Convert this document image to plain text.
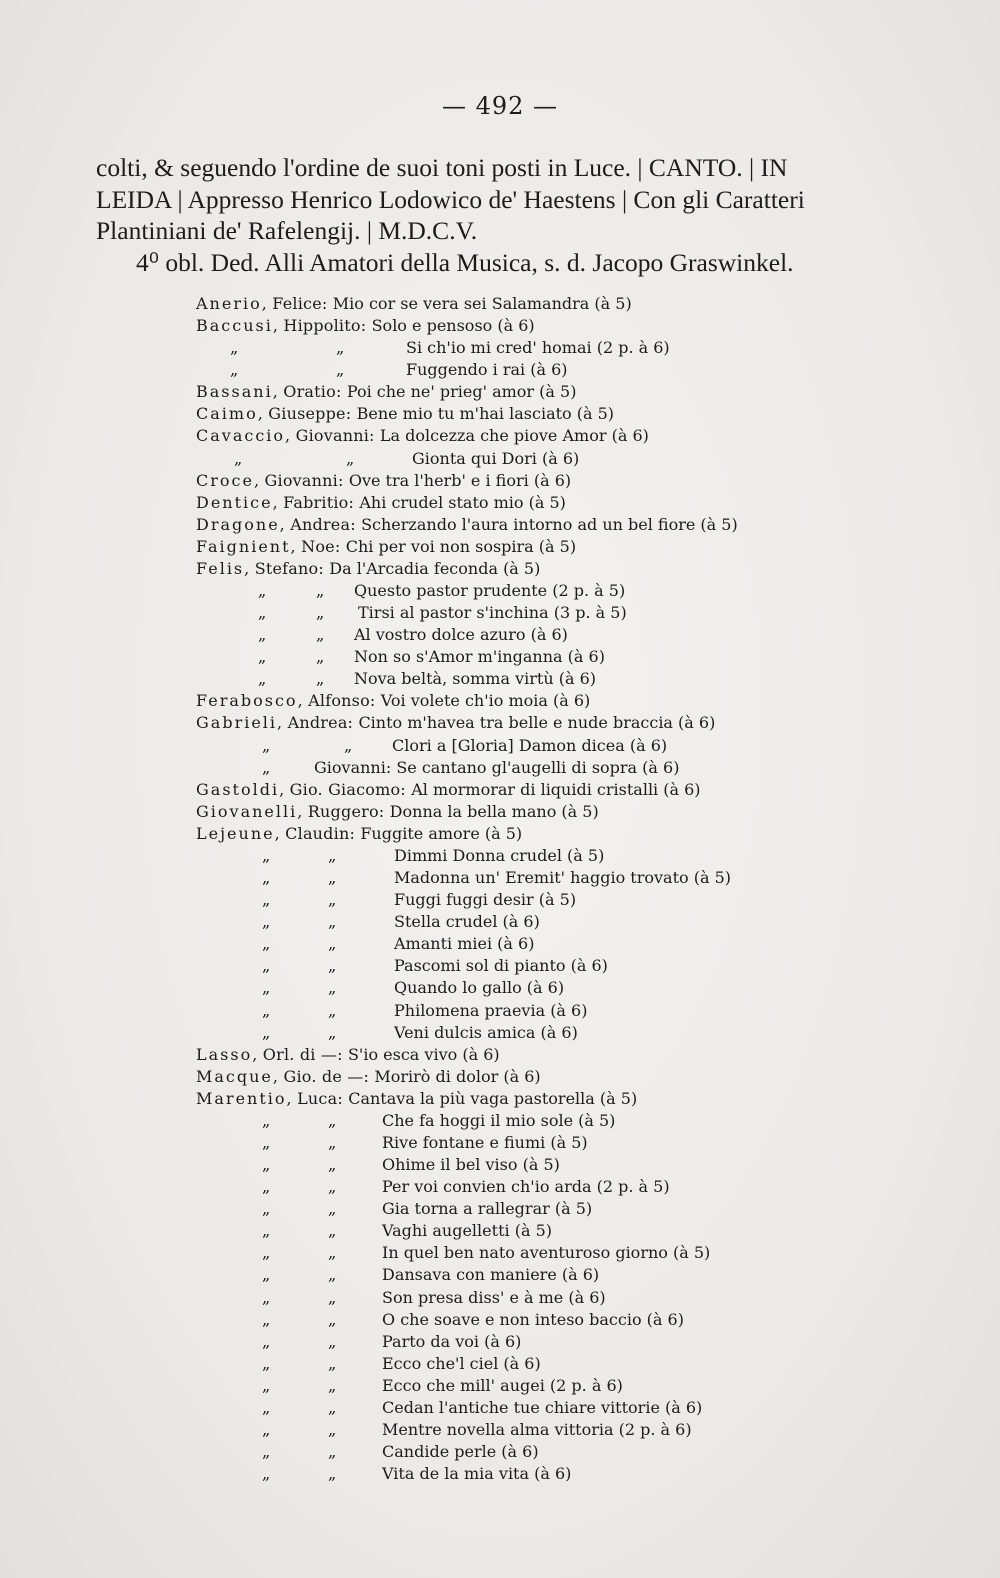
— 492 —
colti, & seguendo l'ordine de suoi toni posti in Luce. | CANTO. | IN
LEIDA | Appresso Henrico Lodowico de' Haestens | Con gli Caratteri
Plantiniani de' Rafelengij. | M.D.C.V.
4⁰ obl. Ded. Alli Amatori della Musica, s. d. Jacopo Graswinkel.
Anerio, Felice: Mio cor se vera sei Salamandra (à 5)
Baccusi, Hippolito: Solo e pensoso (à 6)
„	„	Si ch'io mi cred' homai (2 p. à 6)
„	„	Fuggendo i rai (à 6)
Bassani, Oratio: Poi che ne' prieg' amor (à 5)
Caimo, Giuseppe: Bene mio tu m'hai lasciato (à 5)
Cavaccio, Giovanni: La dolcezza che piove Amor (à 6)
„	„	Gionta qui Dori (à 6)
Croce, Giovanni: Ove tra l'herb' e i fiori (à 6)
Dentice, Fabritio: Ahi crudel stato mio (à 5)
Dragone, Andrea: Scherzando l'aura intorno ad un bel fiore (à 5)
Faignient, Noe: Chi per voi non sospira (à 5)
Felis, Stefano: Da l'Arcadia feconda (à 5)
„	„ Questo pastor prudente (2 p. à 5)
„	„ Tirsi al pastor s'inchina (3 p. à 5)
„	„ Al vostro dolce azuro (à 6)
„	„ Non so s'Amor m'inganna (à 6)
„	„ Nova beltà, somma virtù (à 6)
Ferabosco, Alfonso: Voi volete ch'io moia (à 6)
Gabrieli, Andrea: Cinto m'havea tra belle e nude braccia (à 6)
„	„ Clori a [Gloria] Damon dicea (à 6)
„	Giovanni: Se cantano gl'augelli di sopra (à 6)
Gastoldi, Gio. Giacomo: Al mormorar di liquidi cristalli (à 6)
Giovanelli, Ruggero: Donna la bella mano (à 5)
Lejeune, Claudin: Fuggite amore (à 5)
„	„	Dimmi Donna crudel (à 5)
„	„	Madonna un' Eremit' haggio trovato (à 5)
„	„	Fuggi fuggi desir (à 5)
„	„	Stella crudel (à 6)
„	„	Amanti miei (à 6)
„	„	Pascomi sol di pianto (à 6)
„	„	Quando lo gallo (à 6)
„	„	Philomena praevia (à 6)
„	„	Veni dulcis amica (à 6)
Lasso, Orl. di —: S'io esca vivo (à 6)
Macque, Gio. de —: Morirò di dolor (à 6)
Marentio, Luca: Cantava la più vaga pastorella (à 5)
„	„	Che fa hoggi il mio sole (à 5)
„	„	Rive fontane e fiumi (à 5)
„	„	Ohime il bel viso (à 5)
„	„	Per voi convien ch'io arda (2 p. à 5)
„	„	Gia torna a rallegrar (à 5)
„	„	Vaghi augelletti (à 5)
„	„	In quel ben nato aventuroso giorno (à 5)
„	„	Dansava con maniere (à 6)
„	„	Son presa diss' e à me (à 6)
„	„	O che soave e non inteso baccio (à 6)
„	„	Parto da voi (à 6)
„	„	Ecco che'l ciel (à 6)
„	„	Ecco che mill' augei (2 p. à 6)
„	„	Cedan l'antiche tue chiare vittorie (à 6)
„	„	Mentre novella alma vittoria (2 p. à 6)
„	„	Candide perle (à 6)
„	„	Vita de la mia vita (à 6)
